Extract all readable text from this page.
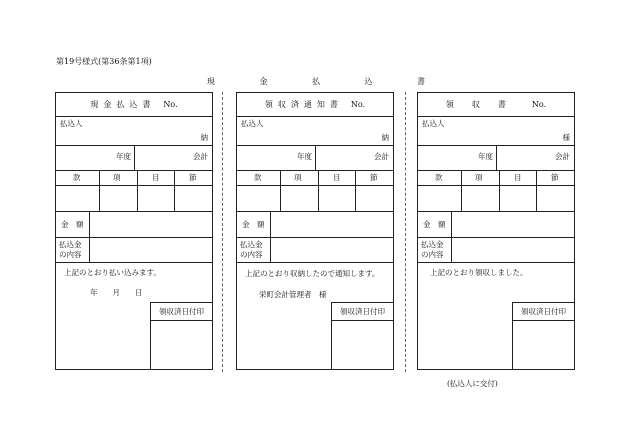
第19号様式(第36条第1項)
現	金	払	込	書
現金払込書 No.
払込人
納
年度	会計
款	項	目	節
金　額
払込金
の内容
上記のとおり払い込みます。
年　　月　　日
領収済日付印
領収済通知書 No.
払込人
納
年度	会計
款	項	目	節
金　額
払込金
の内容
上記のとおり収納したので通知します。
栄町会計管理者　様
領収済日付印
領収書 No.
払込人
様
年度	会計
款	項	目	節
金　額
払込金
の内容
上記のとおり領収しました。
領収済日付印
(払込人に交付)
